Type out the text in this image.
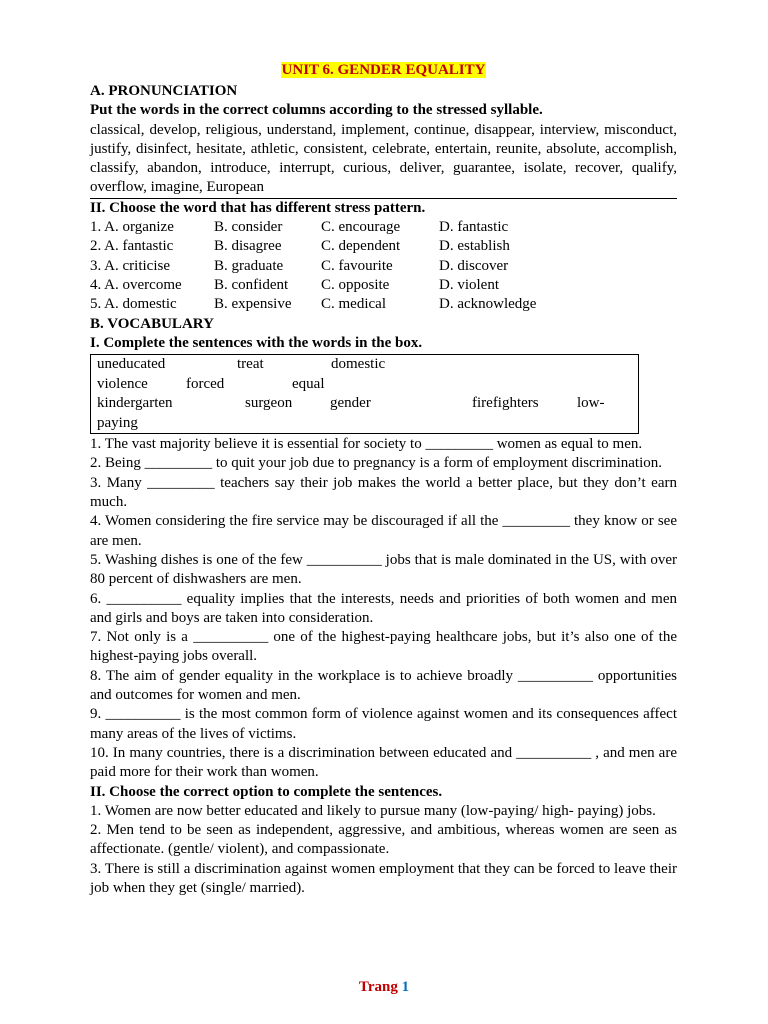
UNIT 6. GENDER EQUALITY
A. PRONUNCIATION
Put the words in the correct columns according to the stressed syllable.
classical, develop, religious, understand, implement, continue, disappear, interview, misconduct, justify, disinfect, hesitate, athletic, consistent, celebrate, entertain, reunite, absolute, accomplish, classify, abandon, introduce, interrupt, curious, deliver, guarantee, isolate, recover, qualify, overflow, imagine, European
II. Choose the word that has different stress pattern.
1. A. organize	B. consider	C. encourage	D. fantastic
2. A. fantastic	B. disagree	C. dependent	D. establish
3. A. criticise	B. graduate	C. favourite	D. discover
4. A. overcome	B. confident	C. opposite	D. violent
5. A. domestic	B. expensive	C. medical	D. acknowledge
B. VOCABULARY
I. Complete the sentences with the words in the box.
uneducated	treat	domestic
violence	forced	equal
kindergarten	surgeon	gender	firefighters	low-
paying
1. The vast majority believe it is essential for society to _________ women as equal to men.
2. Being _________ to quit your job due to pregnancy is a form of employment discrimination.
3. Many _________ teachers say their job makes the world a better place, but they don’t earn much.
4. Women considering the fire service may be discouraged if all the _________ they know or see are men.
5. Washing dishes is one of the few __________ jobs that is male dominated in the US, with over 80 percent of dishwashers are men.
6. __________ equality implies that the interests, needs and priorities of both women and men and girls and boys are taken into consideration.
7. Not only is a __________ one of the highest-paying healthcare jobs, but it’s also one of the highest-paying jobs overall.
8. The aim of gender equality in the workplace is to achieve broadly __________ opportunities and outcomes for women and men.
9. __________ is the most common form of violence against women and its consequences affect many areas of the lives of victims.
10. In many countries, there is a discrimination between educated and __________ , and men are paid more for their work than women.
II. Choose the correct option to complete the sentences.
1. Women are now better educated and likely to pursue many (low-paying/ high- paying) jobs.
2. Men tend to be seen as independent, aggressive, and ambitious, whereas women are seen as affectionate. (gentle/ violent), and compassionate.
3. There is still a discrimination against women employment that they can be forced to leave their job when they get (single/ married).
Trang 1
